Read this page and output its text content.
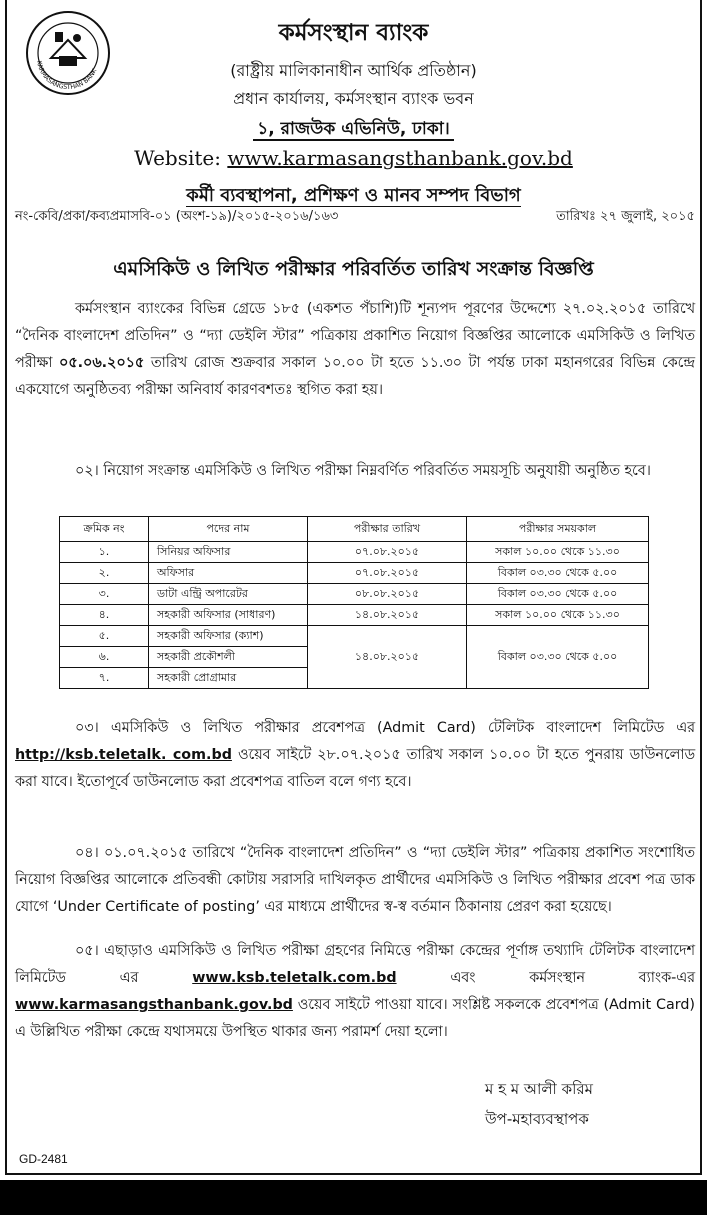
KARMASANGSTHAN BANK
কর্মসংস্থান ব্যাংক
(রাষ্ট্রীয় মালিকানাধীন আর্থিক প্রতিষ্ঠান)
প্রধান কার্যালয়, কর্মসংস্থান ব্যাংক ভবন
১, রাজউক এভিনিউ, ঢাকা।
Website: www.karmasangsthanbank.gov.bd
কর্মী ব্যবস্থাপনা, প্রশিক্ষণ ও মানব সম্পদ বিভাগ
নং-কেবি/প্রকা/কব্যপ্রমাসবি-০১ (অংশ-১৯)/২০১৫-২০১৬/১৬৩	তারিখঃ ২৭ জুলাই, ২০১৫
এমসিকিউ ও লিখিত পরীক্ষার পরিবর্তিত তারিখ সংক্রান্ত বিজ্ঞপ্তি
কর্মসংস্থান ব্যাংকের বিভিন্ন গ্রেডে ১৮৫ (একশত পঁচাশি)টি শূন্যপদ পূরণের উদ্দেশ্যে ২৭.০২.২০১৫ তারিখে “দৈনিক বাংলাদেশ প্রতিদিন” ও “দ্যা ডেইলি স্টার” পত্রিকায় প্রকাশিত নিয়োগ বিজ্ঞপ্তির আলোকে এমসিকিউ ও লিখিত পরীক্ষা ০৫.০৬.২০১৫ তারিখ রোজ শুক্রবার সকাল ১০.০০ টা হতে ১১.৩০ টা পর্যন্ত ঢাকা মহানগরের বিভিন্ন কেন্দ্রে একযোগে অনুষ্ঠিতব্য পরীক্ষা অনিবার্য কারণবশতঃ স্থগিত করা হয়।
০২। নিয়োগ সংক্রান্ত এমসিকিউ ও লিখিত পরীক্ষা নিম্নবর্ণিত পরিবর্তিত সময়সূচি অনুযায়ী অনুষ্ঠিত হবে।
ক্রমিক নং	পদের নাম	পরীক্ষার তারিখ	পরীক্ষার সময়কাল
১.	সিনিয়র অফিসার	০৭.০৮.২০১৫	সকাল ১০.০০ থেকে ১১.৩০
২.	অফিসার	০৭.০৮.২০১৫	বিকাল ০৩.৩০ থেকে ৫.০০
৩.	ডাটা এন্ট্রি অপারেটর	০৮.০৮.২০১৫	বিকাল ০৩.৩০ থেকে ৫.০০
৪.	সহকারী অফিসার (সাধারণ)	১৪.০৮.২০১৫	সকাল ১০.০০ থেকে ১১.৩০
৫.	সহকারী অফিসার (ক্যাশ)	১৪.০৮.২০১৫	বিকাল ০৩.৩০ থেকে ৫.০০
৬.	সহকারী প্রকৌশলী		
৭.	সহকারী প্রোগ্রামার		
০৩। এমসিকিউ ও লিখিত পরীক্ষার প্রবেশপত্র (Admit Card) টেলিটক বাংলাদেশ লিমিটেড এর http://ksb.teletalk. com.bd ওয়েব সাইটে ২৮.০৭.২০১৫ তারিখ সকাল ১০.০০ টা হতে পুনরায় ডাউনলোড করা যাবে। ইতোপূর্বে ডাউনলোড করা প্রবেশপত্র বাতিল বলে গণ্য হবে।
০৪। ০১.০৭.২০১৫ তারিখে “দৈনিক বাংলাদেশ প্রতিদিন” ও “দ্যা ডেইলি স্টার” পত্রিকায় প্রকাশিত সংশোধিত নিয়োগ বিজ্ঞপ্তির আলোকে প্রতিবন্ধী কোটায় সরাসরি দাখিলকৃত প্রার্থীদের এমসিকিউ ও লিখিত পরীক্ষার প্রবেশ পত্র ডাক যোগে ‘Under Certificate of posting’ এর মাধ্যমে প্রার্থীদের স্ব-স্ব বর্তমান ঠিকানায় প্রেরণ করা হয়েছে।
০৫। এছাড়াও এমসিকিউ ও লিখিত পরীক্ষা গ্রহণের নিমিত্তে পরীক্ষা কেন্দ্রের পূর্ণাঙ্গ তথ্যাদি টেলিটক বাংলাদেশ লিমিটেড এর www.ksb.teletalk.com.bd এবং কর্মসংস্থান ব্যাংক-এর www.karmasangsthanbank.gov.bd ওয়েব সাইটে পাওয়া যাবে। সংশ্লিষ্ট সকলকে প্রবেশপত্র (Admit Card) এ উল্লিখিত পরীক্ষা কেন্দ্রে যথাসময়ে উপস্থিত থাকার জন্য পরামর্শ দেয়া হলো।
ম হ ম আলী করিম
উপ-মহাব্যবস্থাপক
GD-2481
